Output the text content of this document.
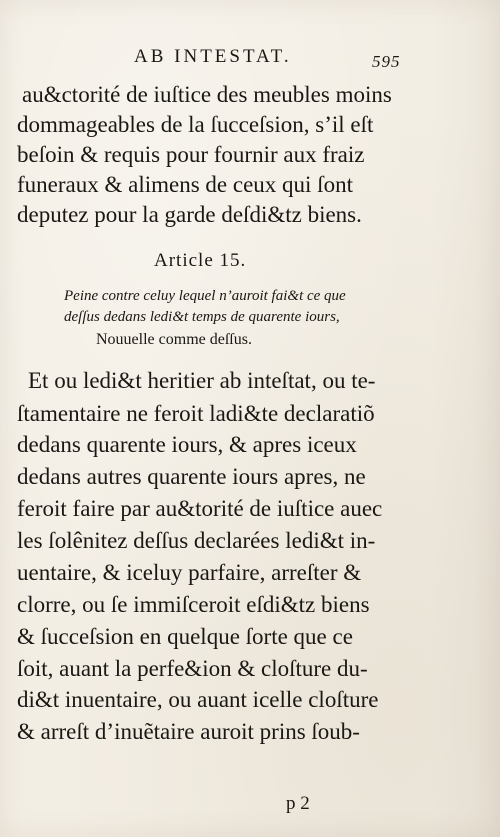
AB INTESTAT.	595

au&ctorité de iuſtice des meubles moins

dommageables de la ſucceſsion, s’il eſt

beſoin & requis pour fournir aux fraiz

funeraux & alimens de ceux qui ſont

deputez pour la garde deſdi&tz biens.

Article 15.

Peine contre celuy lequel n’auroit fai&t ce que

deſſus dedans ledi&t temps de quarente iours,

Nouuelle comme deſſus.

Et ou ledi&t heritier ab inteſtat, ou te-

ſtamentaire ne feroit ladi&te declaratiõ

dedans quarente iours, & apres iceux

dedans autres quarente iours apres, ne

feroit faire par au&torité de iuſtice auec

les ſolênitez deſſus declarées ledi&t in-

uentaire, & iceluy parfaire, arreſter &

clorre, ou ſe immiſceroit eſdi&tz biens

& ſucceſsion en quelque ſorte que ce

ſoit, auant la perfe&ion & cloſture du-

di&t inuentaire, ou auant icelle cloſture

& arreſt d’inuẽtaire auroit prins ſoub-

p 2
